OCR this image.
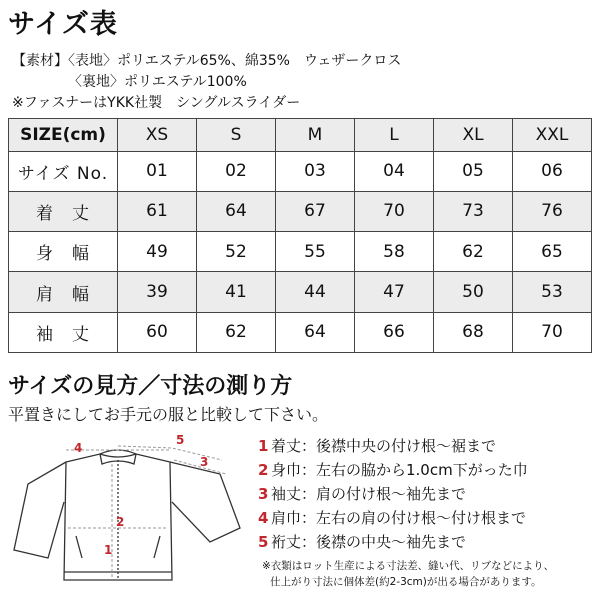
サイズ表
【素材】〈表地〉ポリエステル65%、綿35%　ウェザークロス
〈裏地〉ポリエステル100%
※ファスナーはYKK社製　シングルスライダー
SIZE(cm)	XS	S	M	L	XL	XXL
サイズ No.	01	02	03	04	05	06
着　丈	61	64	67	70	73	76
身　幅	49	52	55	58	62	65
肩　幅	39	41	44	47	50	53
袖　丈	60	62	64	66	68	70
サイズの見方／寸法の測り方
平置きにしてお手元の服と比較して下さい。
4
5
3
2
1
1 着丈：後襟中央の付け根〜裾まで
2 身巾：左右の脇から1.0cm下がった巾
3 袖丈：肩の付け根〜袖先まで
4 肩巾：左右の肩の付け根〜付け根まで
5 裄丈：後襟の中央〜袖先まで
※衣類はロット生産による寸法差、縫い代、リブなどにより、
仕上がり寸法に個体差(約2-3cm)が出る場合があります。
